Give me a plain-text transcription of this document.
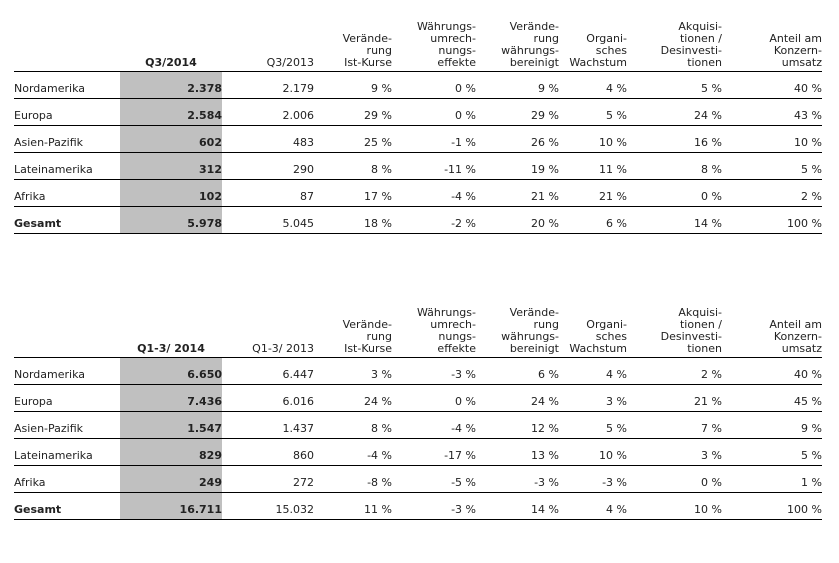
	Q3/2014	Q3/2013	Verände-
rung
Ist-Kurse	Währungs-
umrech-
nungs-
effekte	Verände-
rung
währungs-
bereinigt	Organi-
sches
Wachstum	Akquisi-
tionen /
Desinvesti-
tionen	Anteil am
Konzern-
umsatz

Nordamerika	2.378	2.179	9 %	0 %	9 %	4 %	5 %	40 %
Europa	2.584	2.006	29 %	0 %	29 %	5 %	24 %	43 %
Asien-Pazifik	602	483	25 %	-1 %	26 %	10 %	16 %	10 %
Lateinamerika	312	290	8 %	-11 %	19 %	11 %	8 %	5 %
Afrika	102	87	17 %	-4 %	21 %	21 %	0 %	2 %
Gesamt	5.978	5.045	18 %	-2 %	20 %	6 %	14 %	100 %
	Q1-3/ 2014	Q1-3/ 2013	Verände-
rung
Ist-Kurse	Währungs-
umrech-
nungs-
effekte	Verände-
rung
währungs-
bereinigt	Organi-
sches
Wachstum	Akquisi-
tionen /
Desinvesti-
tionen	Anteil am
Konzern-
umsatz

Nordamerika	6.650	6.447	3 %	-3 %	6 %	4 %	2 %	40 %
Europa	7.436	6.016	24 %	0 %	24 %	3 %	21 %	45 %
Asien-Pazifik	1.547	1.437	8 %	-4 %	12 %	5 %	7 %	9 %
Lateinamerika	829	860	-4 %	-17 %	13 %	10 %	3 %	5 %
Afrika	249	272	-8 %	-5 %	-3 %	-3 %	0 %	1 %
Gesamt	16.711	15.032	11 %	-3 %	14 %	4 %	10 %	100 %
